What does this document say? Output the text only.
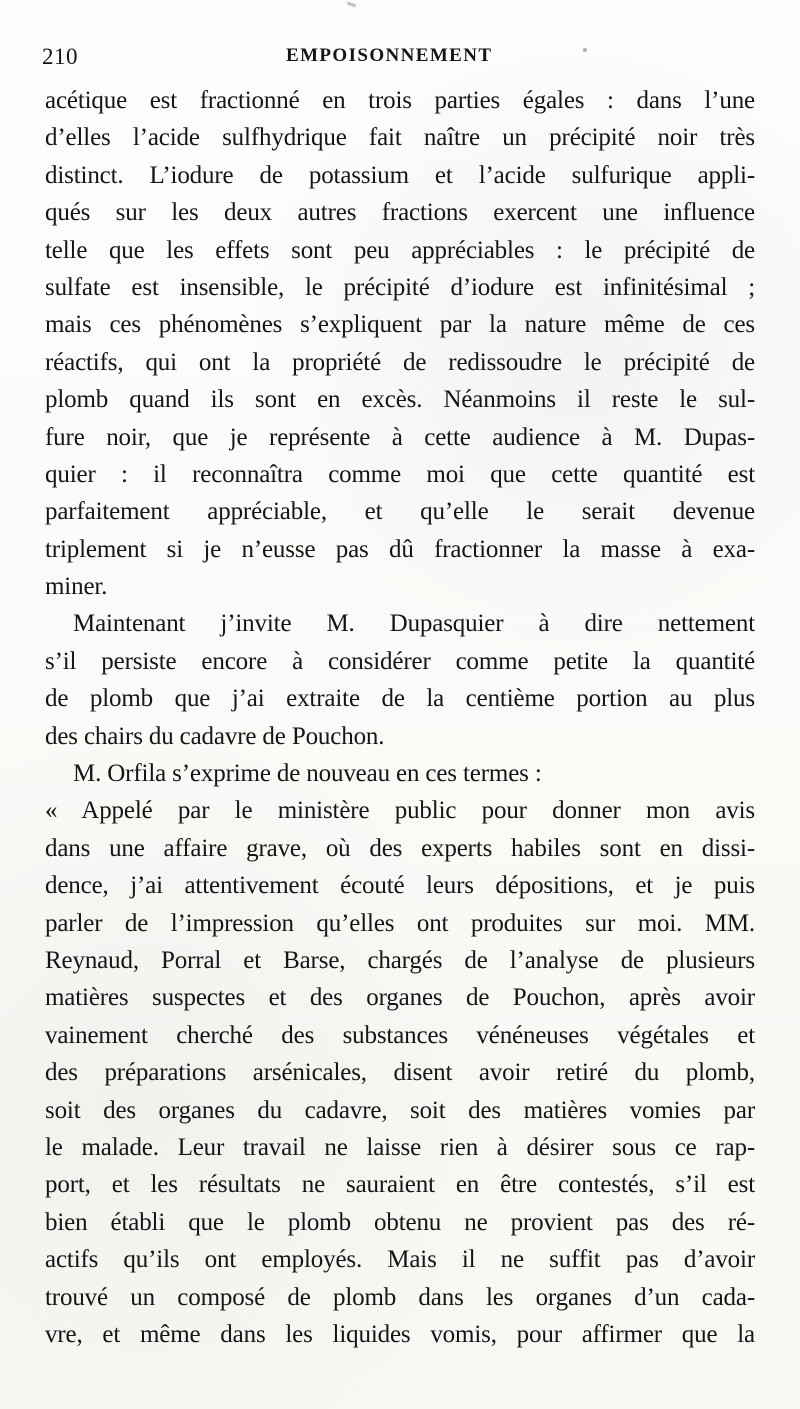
210	EMPOISONNEMENT
acétique est fractionné en trois parties égales : dans l’une
d’elles l’acide sulfhydrique fait naître un précipité noir très
distinct. L’iodure de potassium et l’acide sulfurique appli-
qués sur les deux autres fractions exercent une influence
telle que les effets sont peu appréciables : le précipité de
sulfate est insensible, le précipité d’iodure est infinitésimal ;
mais ces phénomènes s’expliquent par la nature même de ces
réactifs, qui ont la propriété de redissoudre le précipité de
plomb quand ils sont en excès. Néanmoins il reste le sul-
fure noir, que je représente à cette audience à M. Dupas-
quier : il reconnaîtra comme moi que cette quantité est
parfaitement appréciable, et qu’elle le serait devenue
triplement si je n’eusse pas dû fractionner la masse à exa-
miner.
Maintenant j’invite M. Dupasquier à dire nettement
s’il persiste encore à considérer comme petite la quantité
de plomb que j’ai extraite de la centième portion au plus
des chairs du cadavre de Pouchon.
M. Orfila s’exprime de nouveau en ces termes :
« Appelé par le ministère public pour donner mon avis
dans une affaire grave, où des experts habiles sont en dissi-
dence, j’ai attentivement écouté leurs dépositions, et je puis
parler de l’impression qu’elles ont produites sur moi. MM.
Reynaud, Porral et Barse, chargés de l’analyse de plusieurs
matières suspectes et des organes de Pouchon, après avoir
vainement cherché des substances vénéneuses végétales et
des préparations arsénicales, disent avoir retiré du plomb,
soit des organes du cadavre, soit des matières vomies par
le malade. Leur travail ne laisse rien à désirer sous ce rap-
port, et les résultats ne sauraient en être contestés, s’il est
bien établi que le plomb obtenu ne provient pas des ré-
actifs qu’ils ont employés. Mais il ne suffit pas d’avoir
trouvé un composé de plomb dans les organes d’un cada-
vre, et même dans les liquides vomis, pour affirmer que la
